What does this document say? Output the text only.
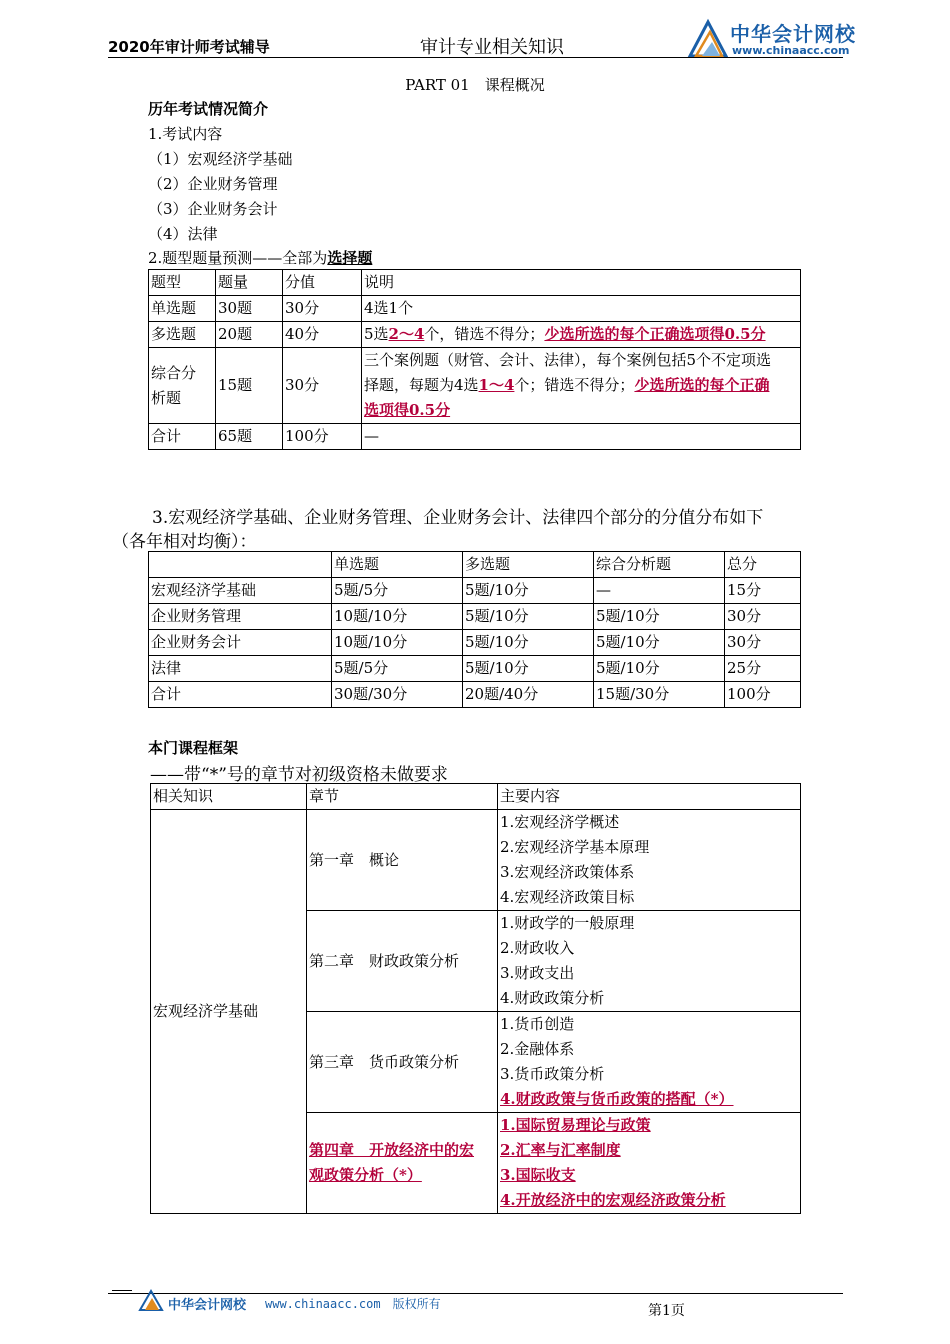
2020年审计师考试辅导	审计专业相关知识
中华会计网校
www.chinaacc.com
PART 01　课程概况
历年考试情况简介
1.考试内容
（1）宏观经济学基础
（2）企业财务管理
（3）企业财务会计
（4）法律
2.题型题量预测——全部为选择题
题型	题量	分值	说明
单选题	30题	30分	4选1个
多选题	20题	40分	5选2～4个，错选不得分；少选所选的每个正确选项得0.5分

综合分
析题	15题	30分	三个案例题（财管、会计、法律），每个案例包括5个不定项选
择题，每题为4选1～4个；错选不得分；少选所选的每个正确
选项得0.5分

合计	65题	100分	—
3.宏观经济学基础、企业财务管理、企业财务会计、法律四个部分的分值分布如下
（各年相对均衡）：
	单选题	多选题	综合分析题	总分
宏观经济学基础	5题/5分	5题/10分	—	15分
企业财务管理	10题/10分	5题/10分	5题/10分	30分
企业财务会计	10题/10分	5题/10分	5题/10分	30分
法律	5题/5分	5题/10分	5题/10分	25分
合计	30题/30分	20题/40分	15题/30分	100分
本门课程框架
——带“*”号的章节对初级资格未做要求
相关知识	章节	主要内容
宏观经济学基础	第一章　概论	1.宏观经济学概述
2.宏观经济学基本原理
3.宏观经济政策体系
4.宏观经济政策目标

	第二章　财政政策分析	1.财政学的一般原理
2.财政收入
3.财政支出
4.财政政策分析

	第三章　货币政策分析	1.货币创造
2.金融体系
3.货币政策分析
4.财政政策与货币政策的搭配（*）

	第四章　开放经济中的宏
观政策分析（*）	1.国际贸易理论与政策
2.汇率与汇率制度
3.国际收支
4.开放经济中的宏观经济政策分析
中华会计网校 www.chinaacc.com　版权所有	第1页
